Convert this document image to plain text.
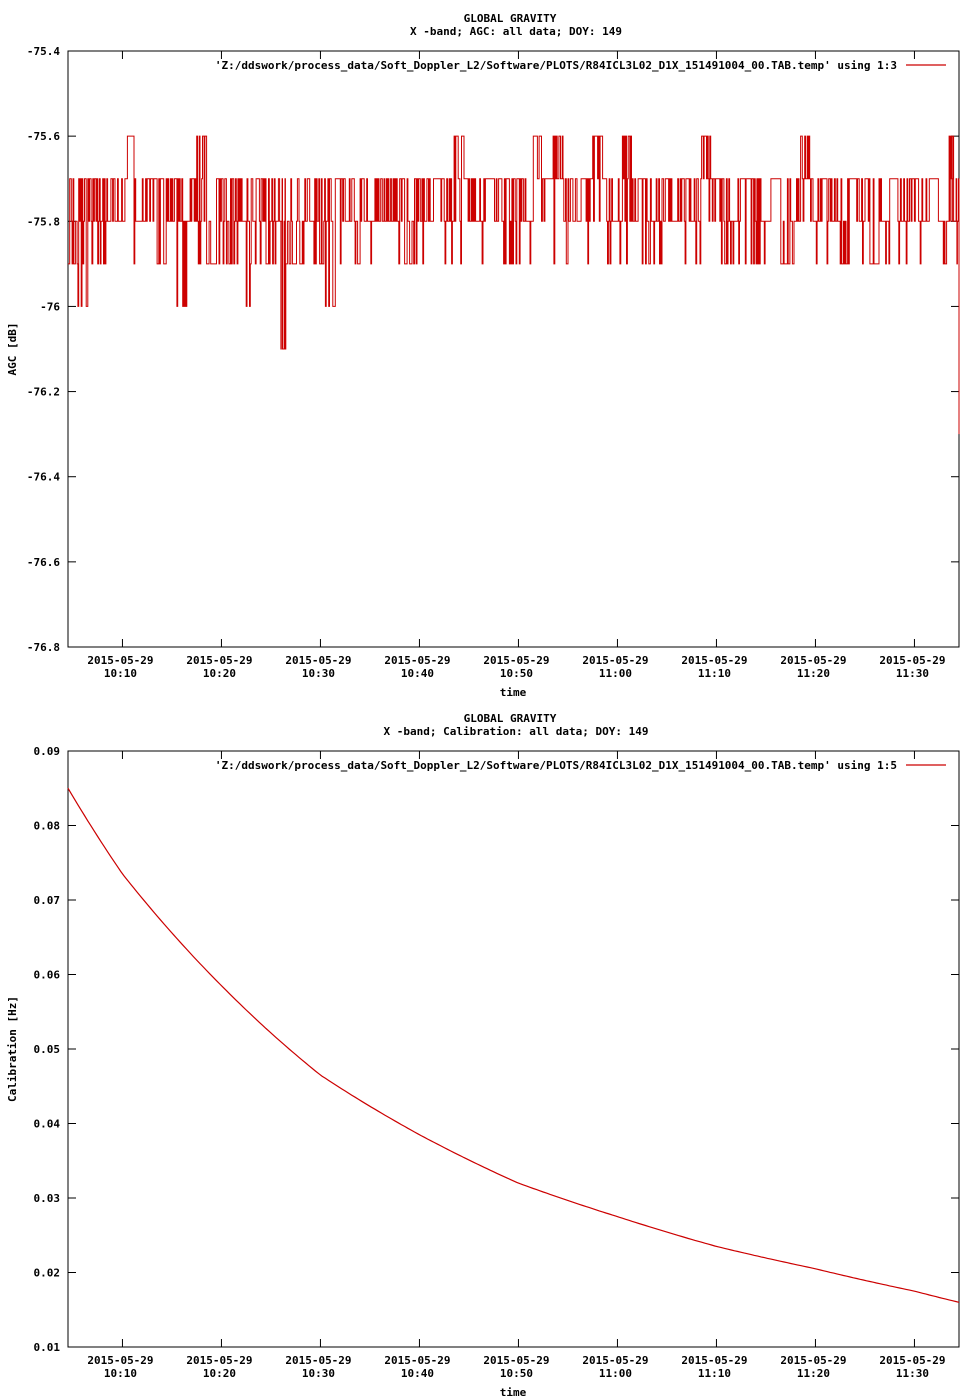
GLOBAL GRAVITY
X -band; AGC: all data; DOY: 149
-75.4
-75.6
-75.8
-76
-76.2
-76.4
-76.6
-76.8
2015-05-29
10:10
2015-05-29
10:20
2015-05-29
10:30
2015-05-29
10:40
2015-05-29
10:50
2015-05-29
11:00
2015-05-29
11:10
2015-05-29
11:20
2015-05-29
11:30
AGC [dB]
time
'Z:/ddswork/process_data/Soft_Doppler_L2/Software/PLOTS/R84ICL3L02_D1X_151491004_00.TAB.temp' using 1:3
GLOBAL GRAVITY
X -band; Calibration: all data; DOY: 149
0.09
0.08
0.07
0.06
0.05
0.04
0.03
0.02
0.01
2015-05-29
10:10
2015-05-29
10:20
2015-05-29
10:30
2015-05-29
10:40
2015-05-29
10:50
2015-05-29
11:00
2015-05-29
11:10
2015-05-29
11:20
2015-05-29
11:30
Calibration [Hz]
time
'Z:/ddswork/process_data/Soft_Doppler_L2/Software/PLOTS/R84ICL3L02_D1X_151491004_00.TAB.temp' using 1:5
